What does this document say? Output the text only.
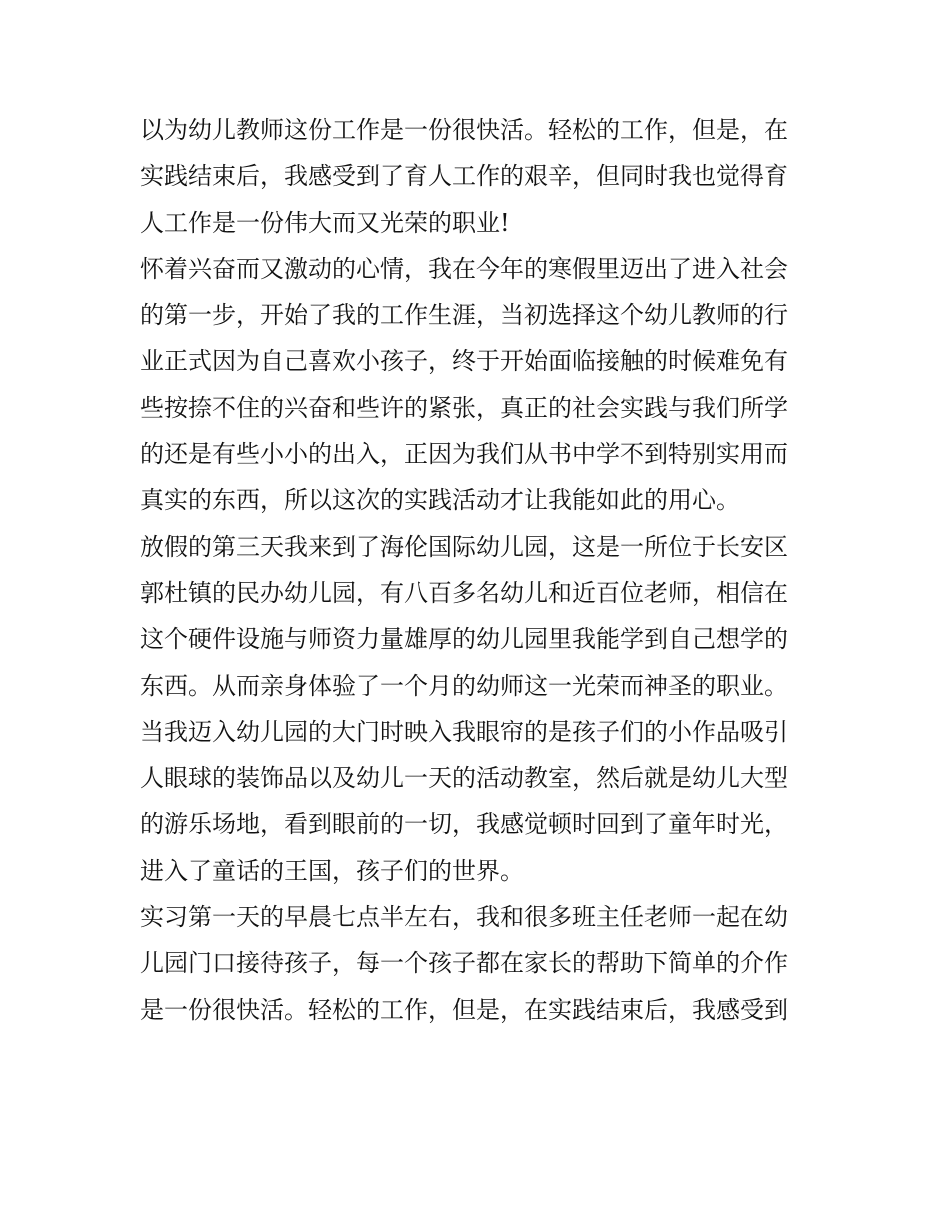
以为幼儿教师这份工作是一份很快活。轻松的工作，但是，在
实践结束后，我感受到了育人工作的艰辛，但同时我也觉得育
人工作是一份伟大而又光荣的职业!
怀着兴奋而又激动的心情，我在今年的寒假里迈出了进入社会
的第一步，开始了我的工作生涯，当初选择这个幼儿教师的行
业正式因为自己喜欢小孩子，终于开始面临接触的时候难免有
些按捺不住的兴奋和些许的紧张，真正的社会实践与我们所学
的还是有些小小的出入，正因为我们从书中学不到特别实用而
真实的东西，所以这次的实践活动才让我能如此的用心。
放假的第三天我来到了海伦国际幼儿园，这是一所位于长安区
郭杜镇的民办幼儿园，有八百多名幼儿和近百位老师，相信在
这个硬件设施与师资力量雄厚的幼儿园里我能学到自己想学的
东西。从而亲身体验了一个月的幼师这一光荣而神圣的职业。
当我迈入幼儿园的大门时映入我眼帘的是孩子们的小作品吸引
人眼球的装饰品以及幼儿一天的活动教室，然后就是幼儿大型
的游乐场地，看到眼前的一切，我感觉顿时回到了童年时光，
进入了童话的王国，孩子们的世界。
实习第一天的早晨七点半左右，我和很多班主任老师一起在幼
儿园门口接待孩子，每一个孩子都在家长的帮助下简单的介作
是一份很快活。轻松的工作，但是，在实践结束后，我感受到
